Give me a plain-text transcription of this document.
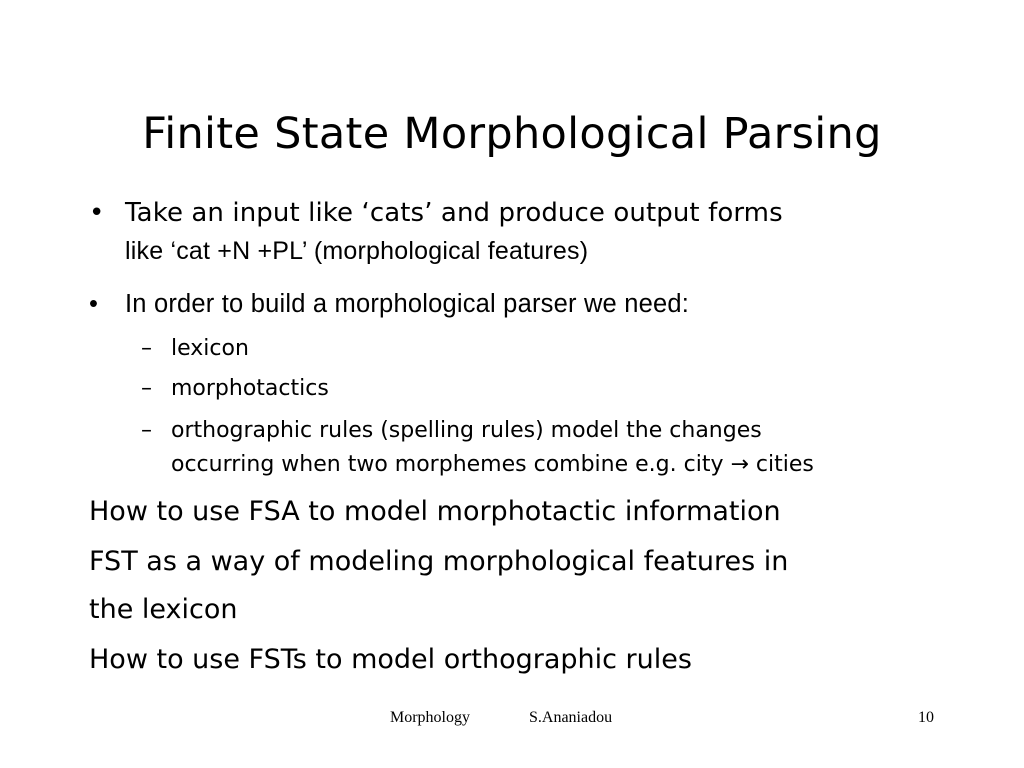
Finite State Morphological Parsing
• Take an input like ‘cats’ and produce output forms
like ‘cat +N +PL’ (morphological features)
• In order to build a morphological parser we need:
– lexicon
– morphotactics
– orthographic rules (spelling rules) model the changes
occurring when two morphemes combine e.g. city → cities
How to use FSA to model morphotactic information
FST as a way of modeling morphological features in
the lexicon
How to use FSTs to model orthographic rules
Morphology	S.Ananiadou	10
